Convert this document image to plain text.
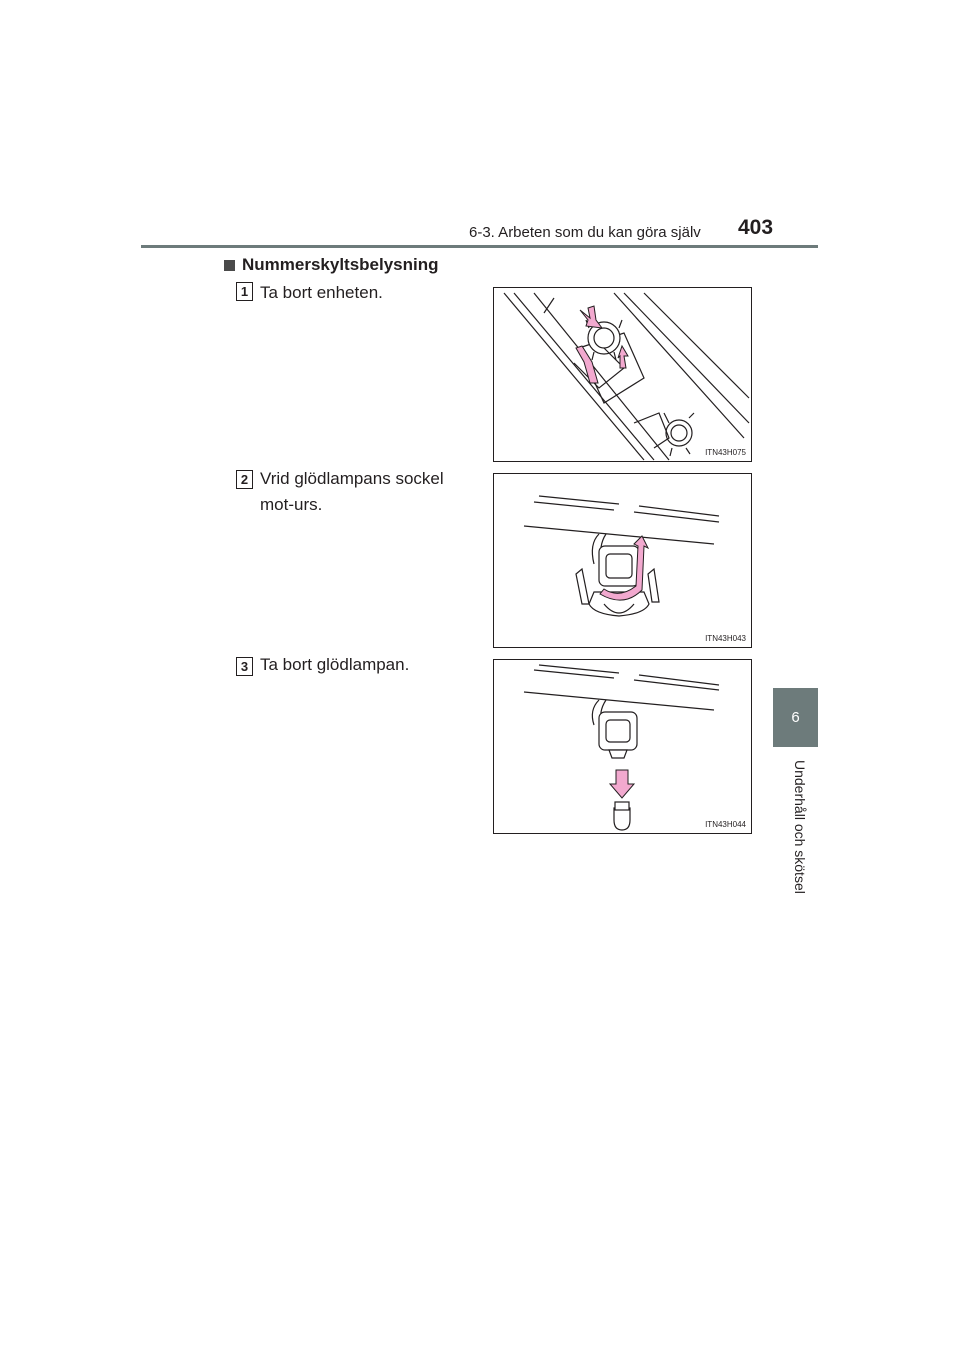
6-3. Arbeten som du kan göra själv 403
Nummerskyltsbelysning
1 Ta bort enheten.
ITN43H075
2 Vrid glödlampans sockel mot-urs.
ITN43H043
3 Ta bort glödlampan.
ITN43H044
6
Underhåll och skötsel
